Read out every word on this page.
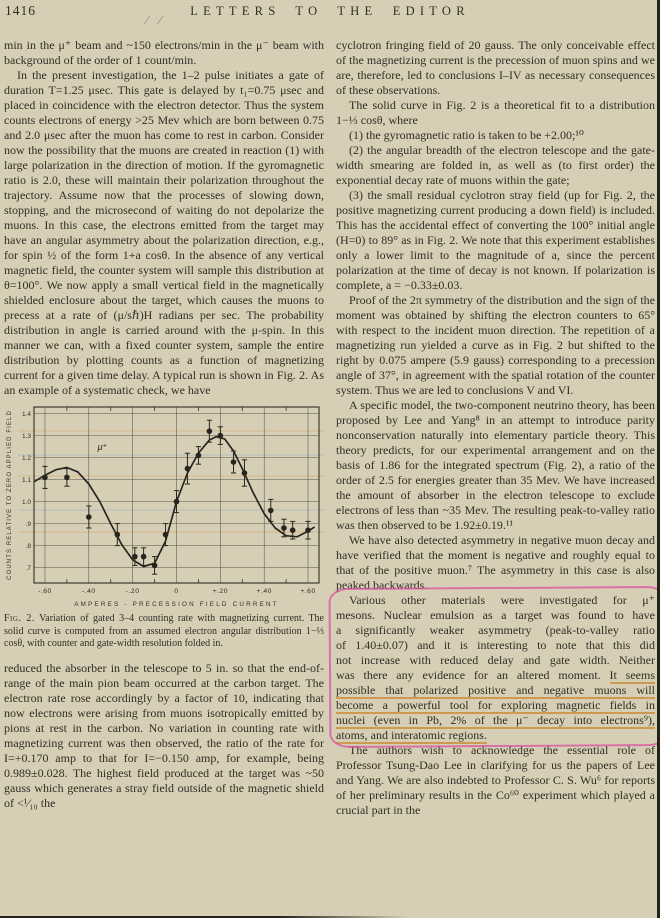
1416	LETTERS TO THE EDITOR
∕ ∕

min in the μ⁺ beam and ~150 electrons/min in the μ⁻ beam with background of the order of 1 count/min.

In the present investigation, the 1–2 pulse initiates a gate of duration T=1.25 μsec. This gate is delayed by t₁=0.75 μsec and placed in coincidence with the electron detector. Thus the system counts electrons of energy >25 Mev which are born between 0.75 and 2.0 μsec after the muon has come to rest in carbon. Consider now the possibility that the muons are created in reaction (1) with large polarization in the direction of motion. If the gyromagnetic ratio is 2.0, these will maintain their polarization throughout the trajectory. Assume now that the processes of slowing down, stopping, and the microsecond of waiting do not depolarize the muons. In this case, the electrons emitted from the target may have an angular asymmetry about the polarization direction, e.g., for spin ½ of the form 1+a cosθ. In the absence of any vertical magnetic field, the counter system will sample this distribution at θ=100°. We now apply a small vertical field in the magnetically shielded enclosure about the target, which causes the muons to precess at a rate of (μ/sℏ)H radians per sec. The probability distribution in angle is carried around with the μ-spin. In this manner we can, with a fixed counter system, sample the entire distribution by plotting counts as a function of magnetizing current for a given time delay. A typical run is shown in Fig. 2. As an example of a systematic check, we have

.7
.8
.9
1.0
1.1
1.2
1.3
1.4
-.60	-.40	-.20	0	+.20	+.40	+.60
μ⁺
AMPERES - PRECESSION FIELD CURRENT
COUNTS RELATIVE TO ZERO APPLIED FIELD
Fig. 2. Variation of gated 3–4 counting rate with magnetizing current. The solid curve is computed from an assumed electron angular distribution 1−⅓ cosθ, with counter and gate-width resolution folded in.

reduced the absorber in the telescope to 5 in. so that the end-of-range of the main pion beam occurred at the carbon target. The electron rate rose accordingly by a factor of 10, indicating that now electrons were arising from muons isotropically emitted by pions at rest in the carbon. No variation in counting rate with magnetizing current was then observed, the ratio of the rate for I=+0.170 amp to that for I=−0.150 amp, for example, being 0.989±0.028. The highest field produced at the target was ~50 gauss which generates a stray field outside of the magnetic shield of <¹⁄₁₀ the

cyclotron fringing field of 20 gauss. The only conceivable effect of the magnetizing current is the precession of muon spins and we are, therefore, led to conclusions I–IV as necessary consequences of these observations.

The solid curve in Fig. 2 is a theoretical fit to a distribution 1−⅓ cosθ, where

(1) the gyromagnetic ratio is taken to be +2.00;¹⁰

(2) the angular breadth of the electron telescope and the gate-width smearing are folded in, as well as (to first order) the exponential decay rate of muons within the gate;

(3) the small residual cyclotron stray field (up for Fig. 2, the positive magnetizing current producing a down field) is included. This has the accidental effect of converting the 100° initial angle (H=0) to 89° as in Fig. 2. We note that this experiment establishes only a lower limit to the magnitude of a, since the percent polarization at the time of decay is not known. If polarization is complete, a = −0.33±0.03.

Proof of the 2π symmetry of the distribution and the sign of the moment was obtained by shifting the electron counters to 65° with respect to the incident muon direction. The repetition of a magnetizing run yielded a curve as in Fig. 2 but shifted to the right by 0.075 ampere (5.9 gauss) corresponding to a precession angle of 37°, in agreement with the spatial rotation of the counter system. Thus we are led to conclusions V and VI.

A specific model, the two-component neutrino theory, has been proposed by Lee and Yang⁸ in an attempt to introduce parity nonconservation naturally into elementary particle theory. This theory predicts, for our experimental arrangement and on the basis of 1.86 for the integrated spectrum (Fig. 2), a ratio of the order of 2.5 for energies greater than 35 Mev. We have increased the amount of absorber in the electron telescope to exclude electrons of less than ~35 Mev. The resulting peak-to-valley ratio was then observed to be 1.92±0.19.¹¹

We have also detected asymmetry in negative muon decay and have verified that the moment is negative and roughly equal to that of the positive muon.⁷ The asymmetry in this case is also peaked backwards.

Various other materials were investigated for μ⁺
mesons. Nuclear emulsion as a target was found to have
a significantly weaker asymmetry (peak-to-valley ratio
of 1.40±0.07) and it is interesting to note that this did
not increase with reduced delay and gate width. Neither
was there any evidence for an altered moment. It seems
possible that polarized positive and negative muons will
become a powerful tool for exploring magnetic fields in
nuclei (even in Pb, 2% of the μ⁻ decay into electrons⁹),
atoms, and interatomic regions.

The authors wish to acknowledge the essential role of Professor Tsung-Dao Lee in clarifying for us the papers of Lee and Yang. We are also indebted to Professor C. S. Wu⁶ for reports of her preliminary results in the Co⁶⁰ experiment which played a crucial part in the
